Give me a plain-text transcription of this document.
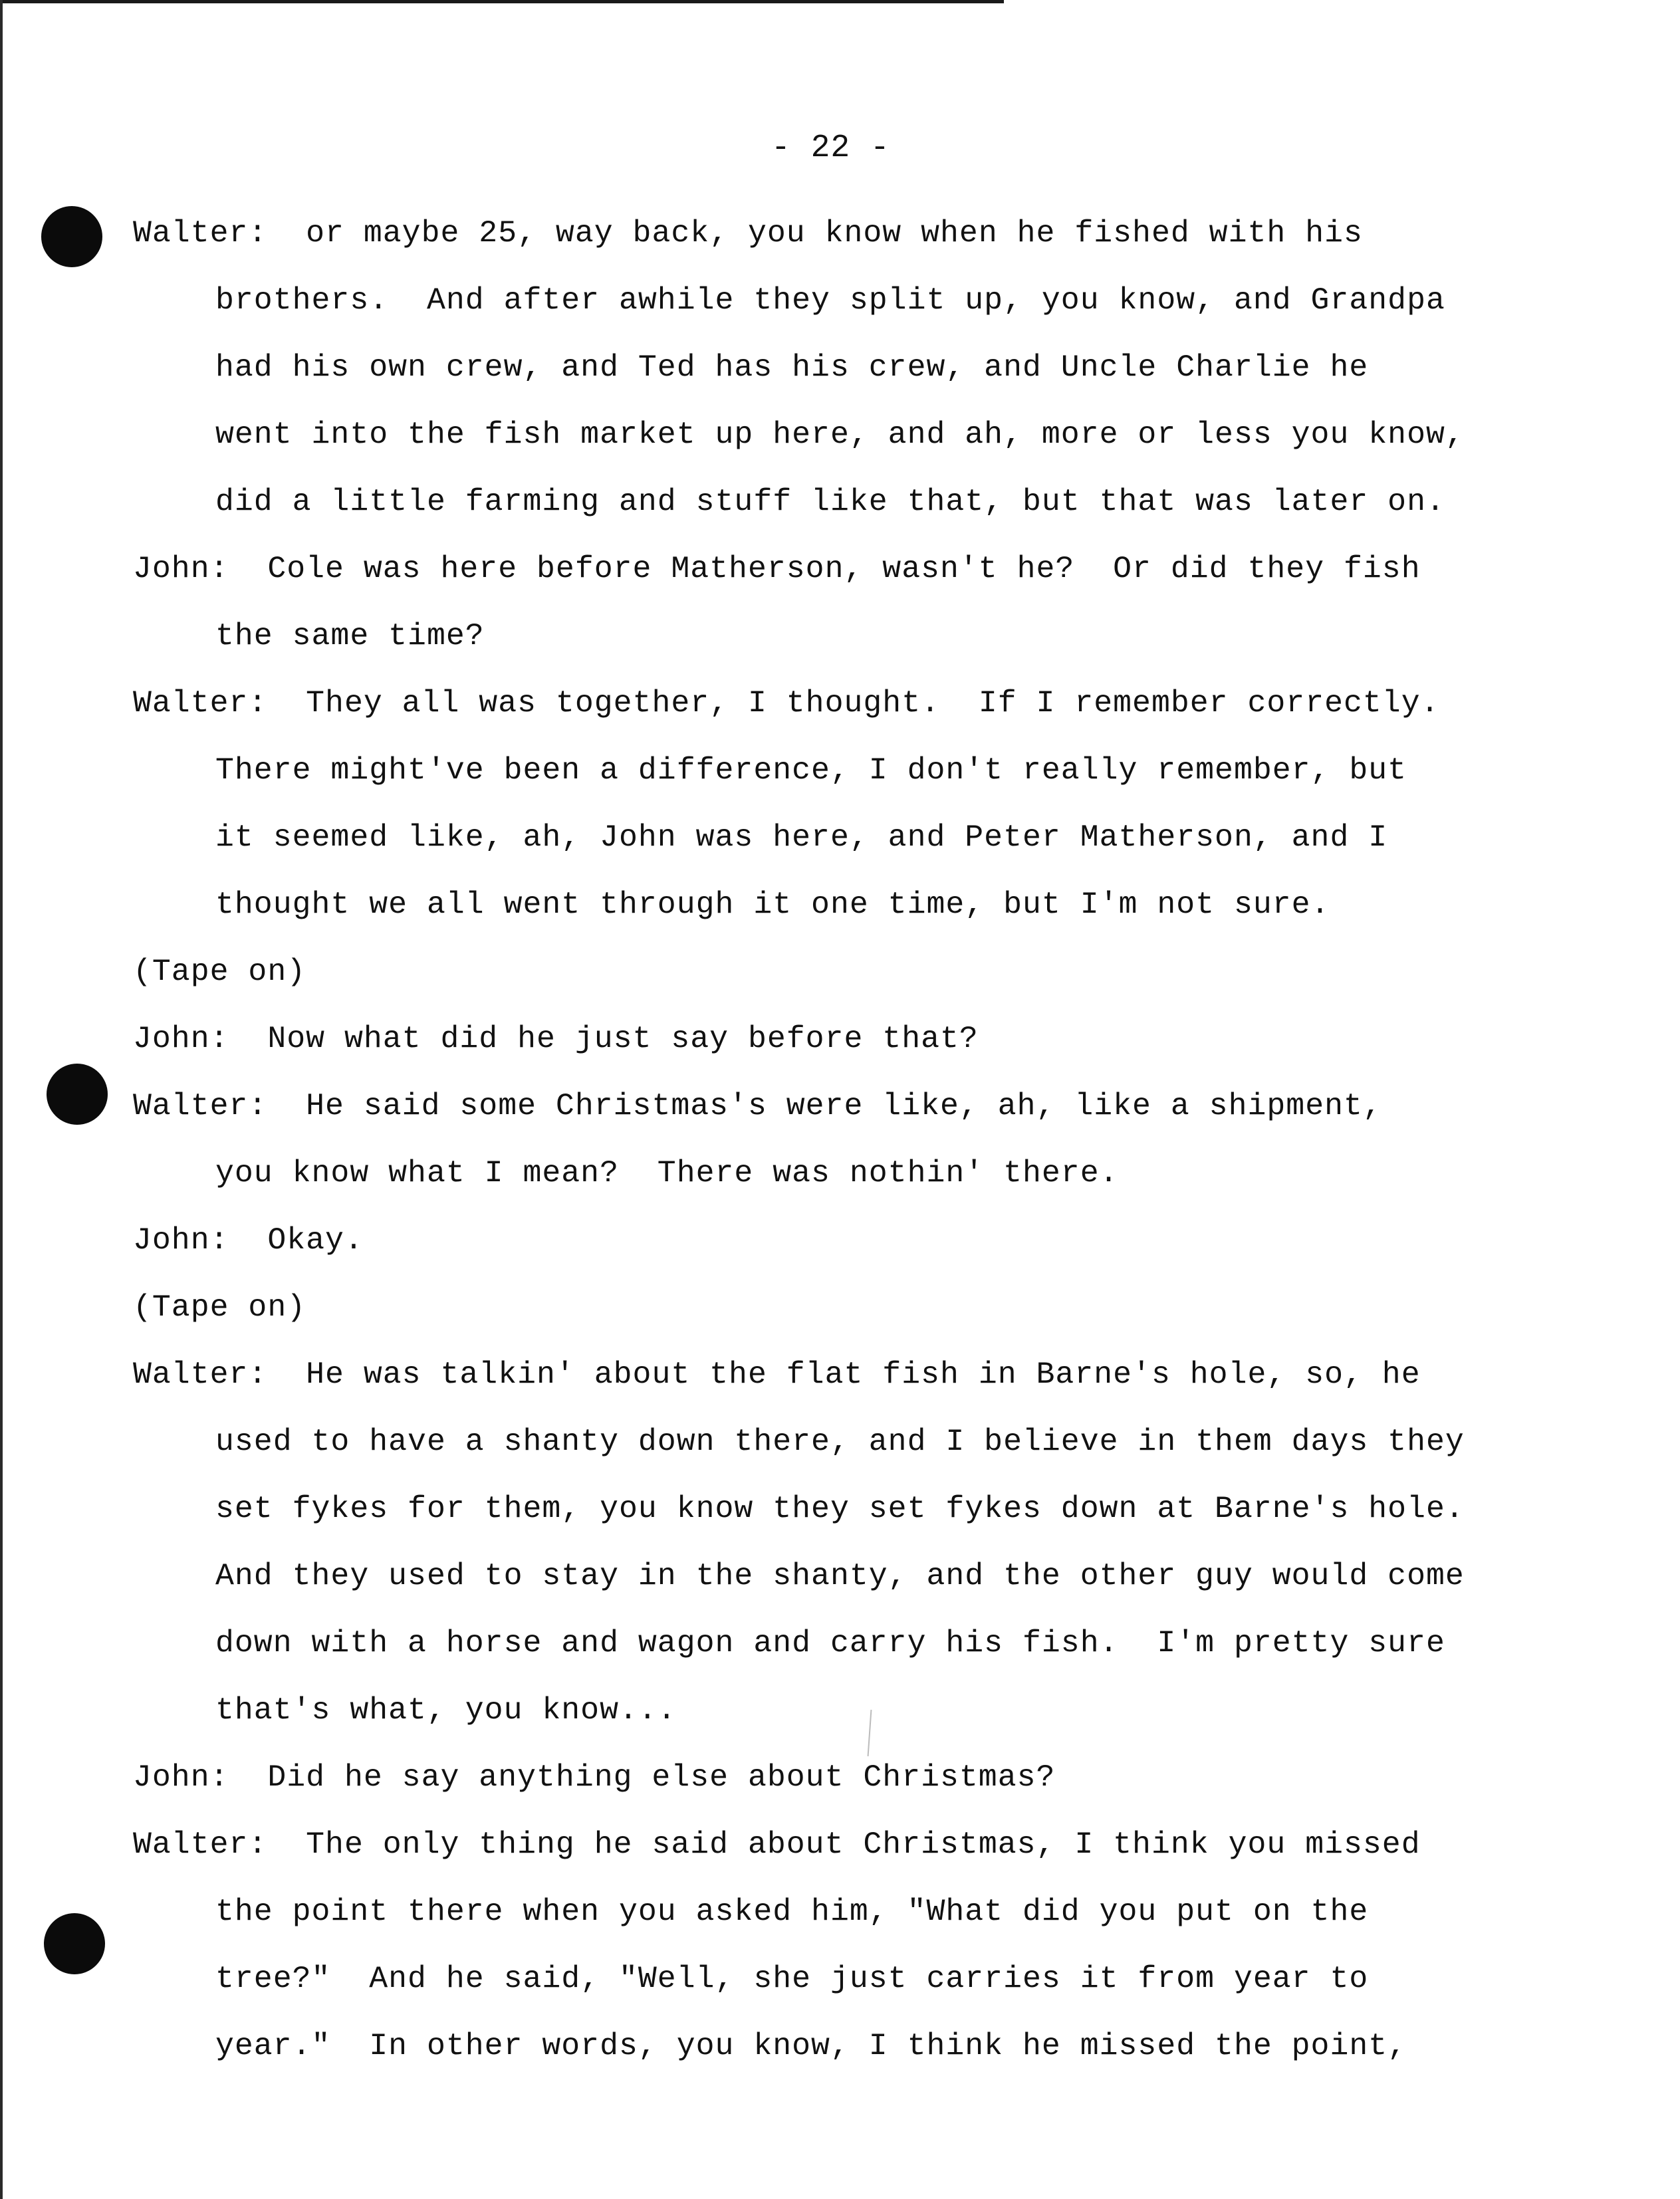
- 22 -
Walter: or maybe 25, way back, you know when he fished with his
brothers.  And after awhile they split up, you know, and Grandpa
had his own crew, and Ted has his crew, and Uncle Charlie he
went into the fish market up here, and ah, more or less you know,
did a little farming and stuff like that, but that was later on.
John: Cole was here before Matherson, wasn't he?  Or did they fish
the same time?
Walter: They all was together, I thought.  If I remember correctly.
There might've been a difference, I don't really remember, but
it seemed like, ah, John was here, and Peter Matherson, and I
thought we all went through it one time, but I'm not sure.
(Tape on)
John: Now what did he just say before that?
Walter: He said some Christmas's were like, ah, like a shipment,
you know what I mean?  There was nothin' there.
John: Okay.
(Tape on)
Walter: He was talkin' about the flat fish in Barne's hole, so, he
used to have a shanty down there, and I believe in them days they
set fykes for them, you know they set fykes down at Barne's hole.
And they used to stay in the shanty, and the other guy would come
down with a horse and wagon and carry his fish.  I'm pretty sure
that's what, you know...
John: Did he say anything else about Christmas?
Walter: The only thing he said about Christmas, I think you missed
the point there when you asked him, "What did you put on the
tree?"  And he said, "Well, she just carries it from year to
year."  In other words, you know, I think he missed the point,
